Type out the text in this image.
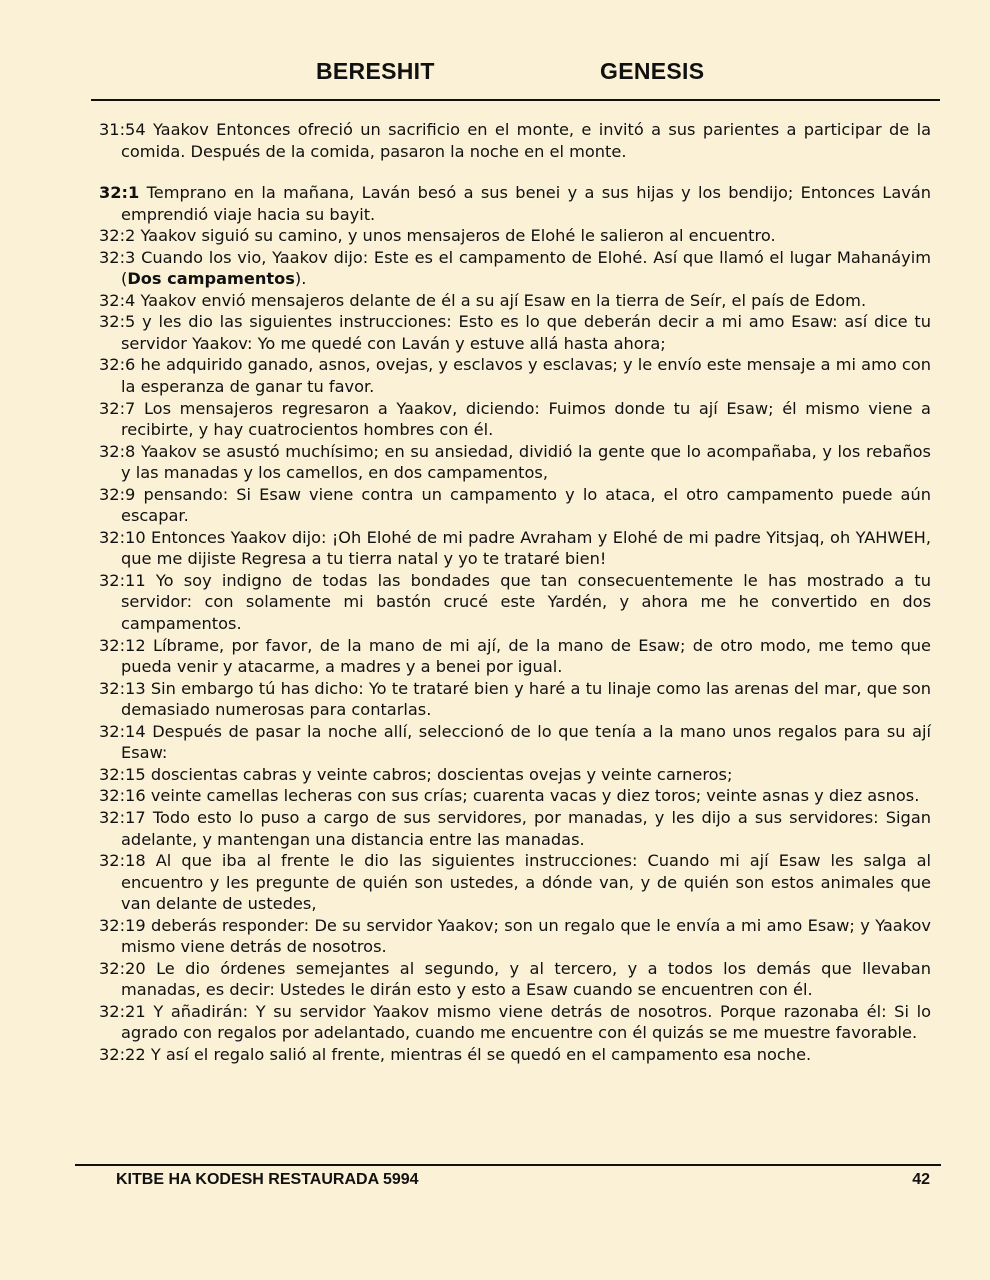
BERESHIT	GENESIS
31:54 Yaakov Entonces ofreció un sacrificio en el monte, e invitó a sus parientes a participar de la comida. Después de la comida, pasaron la noche en el monte.
32:1 Temprano en la mañana, Laván besó a sus benei y a sus hijas y los bendijo; Entonces Laván emprendió viaje hacia su bayit.
32:2 Yaakov siguió su camino, y unos mensajeros de Elohé le salieron al encuentro.
32:3 Cuando los vio, Yaakov dijo: Este es el campamento de Elohé. Así que llamó el lugar Mahanáyim (Dos campamentos).
32:4 Yaakov envió mensajeros delante de él a su ají Esaw en la tierra de Seír, el país de Edom.
32:5 y les dio las siguientes instrucciones: Esto es lo que deberán decir a mi amo Esaw: así dice tu servidor Yaakov: Yo me quedé con Laván y estuve allá hasta ahora;
32:6 he adquirido ganado, asnos, ovejas, y esclavos y esclavas; y le envío este mensaje a mi amo con la esperanza de ganar tu favor.
32:7 Los mensajeros regresaron a Yaakov, diciendo: Fuimos donde tu ají Esaw; él mismo viene a recibirte, y hay cuatrocientos hombres con él.
32:8 Yaakov se asustó muchísimo; en su ansiedad, dividió la gente que lo acompañaba, y los rebaños y las manadas y los camellos, en dos campamentos,
32:9 pensando: Si Esaw viene contra un campamento y lo ataca, el otro campamento puede aún escapar.
32:10 Entonces Yaakov dijo: ¡Oh Elohé de mi padre Avraham y Elohé de mi padre Yitsjaq, oh YAHWEH, que me dijiste Regresa a tu tierra natal y yo te trataré bien!
32:11 Yo soy indigno de todas las bondades que tan consecuentemente le has mostrado a tu servidor: con solamente mi bastón crucé este Yardén, y ahora me he convertido en dos campamentos.
32:12 Líbrame, por favor, de la mano de mi ají, de la mano de Esaw; de otro modo, me temo que pueda venir y atacarme, a madres y a benei por igual.
32:13 Sin embargo tú has dicho: Yo te trataré bien y haré a tu linaje como las arenas del mar, que son demasiado numerosas para contarlas.
32:14 Después de pasar la noche allí, seleccionó de lo que tenía a la mano unos regalos para su ají Esaw:
32:15 doscientas cabras y veinte cabros; doscientas ovejas y veinte carneros;
32:16 veinte camellas lecheras con sus crías; cuarenta vacas y diez toros; veinte asnas y diez asnos.
32:17 Todo esto lo puso a cargo de sus servidores, por manadas, y les dijo a sus servidores: Sigan adelante, y mantengan una distancia entre las manadas.
32:18 Al que iba al frente le dio las siguientes instrucciones: Cuando mi ají Esaw les salga al encuentro y les pregunte de quién son ustedes, a dónde van, y de quién son estos animales que van delante de ustedes,
32:19 deberás responder: De su servidor Yaakov; son un regalo que le envía a mi amo Esaw; y Yaakov mismo viene detrás de nosotros.
32:20 Le dio órdenes semejantes al segundo, y al tercero, y a todos los demás que llevaban manadas, es decir: Ustedes le dirán esto y esto a Esaw cuando se encuentren con él.
32:21 Y añadirán: Y su servidor Yaakov mismo viene detrás de nosotros. Porque razonaba él: Si lo agrado con regalos por adelantado, cuando me encuentre con él quizás se me muestre favorable.
32:22 Y así el regalo salió al frente, mientras él se quedó en el campamento esa noche.
KITBE HA KODESH RESTAURADA 5994	42
